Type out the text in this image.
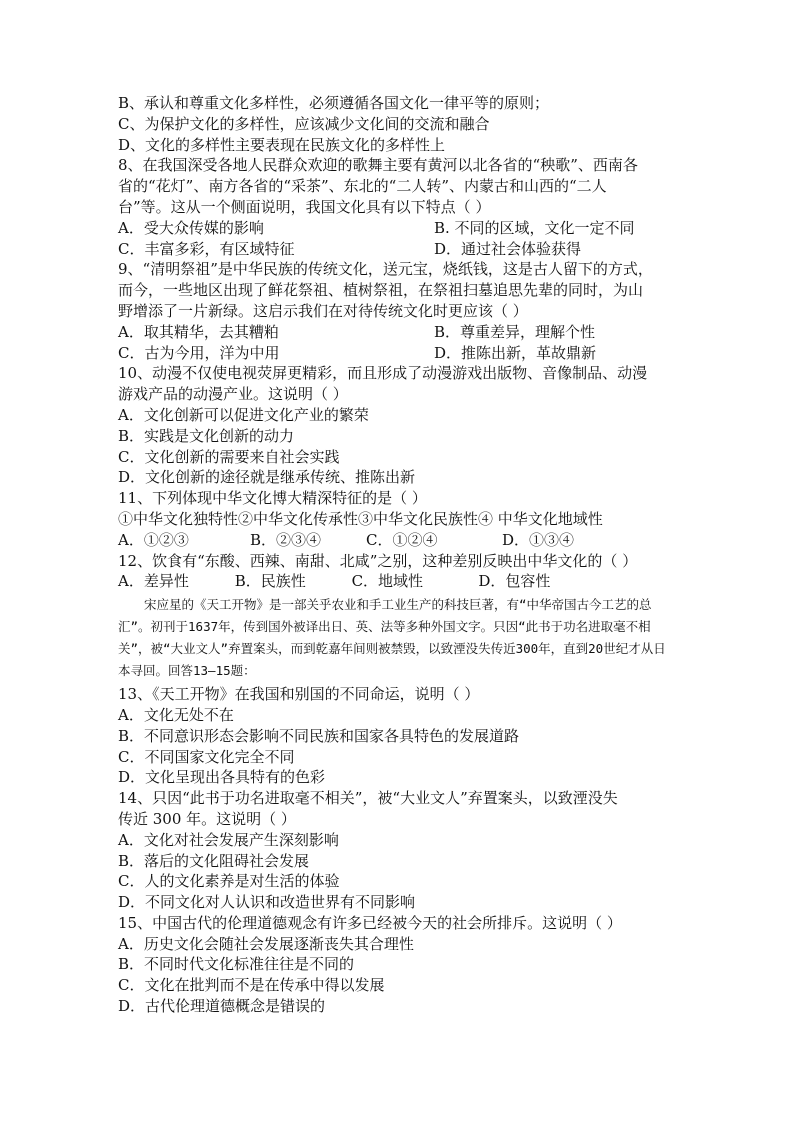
B、承认和尊重文化多样性，必须遵循各国文化一律平等的原则；
C、为保护文化的多样性，应该减少文化间的交流和融合
D、文化的多样性主要表现在民族文化的多样性上
8、在我国深受各地人民群众欢迎的歌舞主要有黄河以北各省的“秧歌”、西南各
省的“花灯”、南方各省的“采茶”、东北的“二人转”、内蒙古和山西的“二人
台”等。这从一个侧面说明，我国文化具有以下特点（ ）
A．受大众传媒的影响	B. 不同的区域，文化一定不同
C．丰富多彩，有区域特征	D．通过社会体验获得
9、“清明祭祖”是中华民族的传统文化，送元宝，烧纸钱，这是古人留下的方式，
而今，一些地区出现了鲜花祭祖、植树祭祖，在祭祖扫墓追思先辈的同时，为山
野增添了一片新绿。这启示我们在对待传统文化时更应该（ ）
A．取其精华，去其糟粕	B．尊重差异，理解个性
C．古为今用，洋为中用	D．推陈出新，革故鼎新
10、动漫不仅使电视荧屏更精彩，而且形成了动漫游戏出版物、音像制品、动漫
游戏产品的动漫产业。这说明（ ）
A．文化创新可以促进文化产业的繁荣
B．实践是文化创新的动力
C．文化创新的需要来自社会实践
D．文化创新的途径就是继承传统、推陈出新
11、下列体现中华文化博大精深特征的是（ ）
①中华文化独特性②中华文化传承性③中华文化民族性④ 中华文化地域性
A．①②③	B．②③④	C．①②④	D．①③④
12、饮食有“东酸、西辣、南甜、北咸”之别，这种差别反映出中华文化的（ ）
A．差异性	B．民族性	C．地域性	D．包容性
宋应星的《天工开物》是一部关乎农业和手工业生产的科技巨著，有“中华帝国古今工艺的总汇”。初刊于1637年，传到国外被译出日、英、法等多种外国文字。只因“此书于功名进取毫不相关”，被“大业文人”弃置案头，而到乾嘉年间则被禁毁，以致湮没失传近300年，直到20世纪才从日本寻回。回答13—15题：
13、《天工开物》在我国和别国的不同命运，说明（ ）
A．文化无处不在
B．不同意识形态会影响不同民族和国家各具特色的发展道路
C．不同国家文化完全不同
D．文化呈现出各具特有的色彩
14、只因“此书于功名进取毫不相关”，被“大业文人”弃置案头，以致湮没失
传近 300 年。这说明（ ）
A．文化对社会发展产生深刻影响
B．落后的文化阻碍社会发展
C．人的文化素养是对生活的体验
D．不同文化对人认识和改造世界有不同影响
15、中国古代的伦理道德观念有许多已经被今天的社会所排斥。这说明（ ）
A．历史文化会随社会发展逐渐丧失其合理性
B．不同时代文化标准往往是不同的
C．文化在批判而不是在传承中得以发展
D．古代伦理道德概念是错误的
